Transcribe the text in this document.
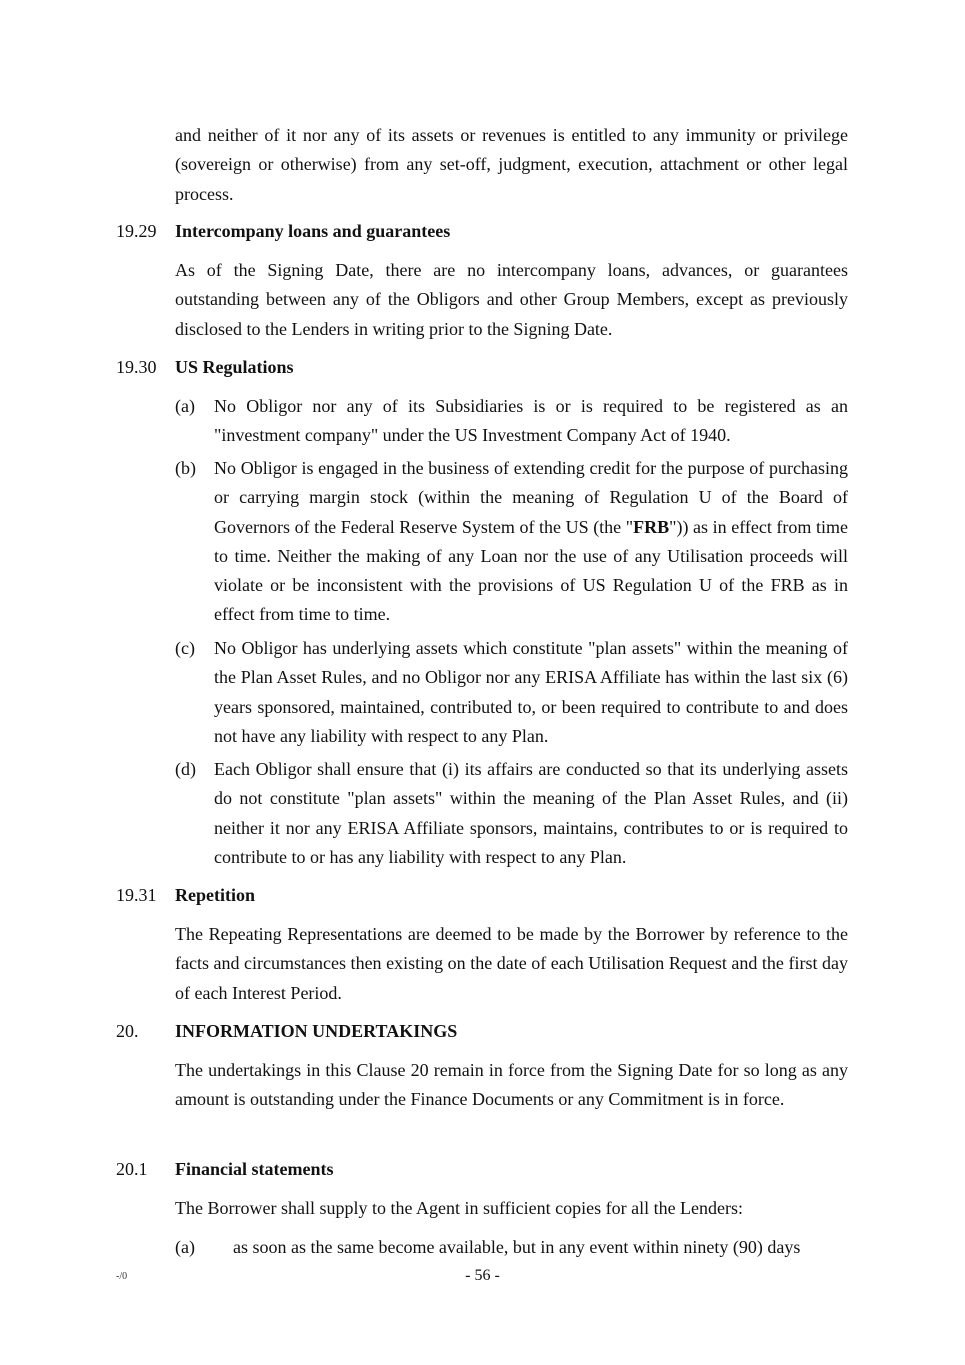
and neither of it nor any of its assets or revenues is entitled to any immunity or privilege (sovereign or otherwise) from any set-off, judgment, execution, attachment or other legal process.
19.29 Intercompany loans and guarantees
As of the Signing Date, there are no intercompany loans, advances, or guarantees outstanding between any of the Obligors and other Group Members, except as previously disclosed to the Lenders in writing prior to the Signing Date.
19.30 US Regulations
(a) No Obligor nor any of its Subsidiaries is or is required to be registered as an "investment company" under the US Investment Company Act of 1940.
(b) No Obligor is engaged in the business of extending credit for the purpose of purchasing or carrying margin stock (within the meaning of Regulation U of the Board of Governors of the Federal Reserve System of the US (the "FRB")) as in effect from time to time. Neither the making of any Loan nor the use of any Utilisation proceeds will violate or be inconsistent with the provisions of US Regulation U of the FRB as in effect from time to time.
(c) No Obligor has underlying assets which constitute "plan assets" within the meaning of the Plan Asset Rules, and no Obligor nor any ERISA Affiliate has within the last six (6) years sponsored, maintained, contributed to, or been required to contribute to and does not have any liability with respect to any Plan.
(d) Each Obligor shall ensure that (i) its affairs are conducted so that its underlying assets do not constitute "plan assets" within the meaning of the Plan Asset Rules, and (ii) neither it nor any ERISA Affiliate sponsors, maintains, contributes to or is required to contribute to or has any liability with respect to any Plan.
19.31 Repetition
The Repeating Representations are deemed to be made by the Borrower by reference to the facts and circumstances then existing on the date of each Utilisation Request and the first day of each Interest Period.
20. INFORMATION UNDERTAKINGS
The undertakings in this Clause 20 remain in force from the Signing Date for so long as any amount is outstanding under the Finance Documents or any Commitment is in force.
20.1 Financial statements
The Borrower shall supply to the Agent in sufficient copies for all the Lenders:
(a) as soon as the same become available, but in any event within ninety (90) days
-/0	- 56 -
